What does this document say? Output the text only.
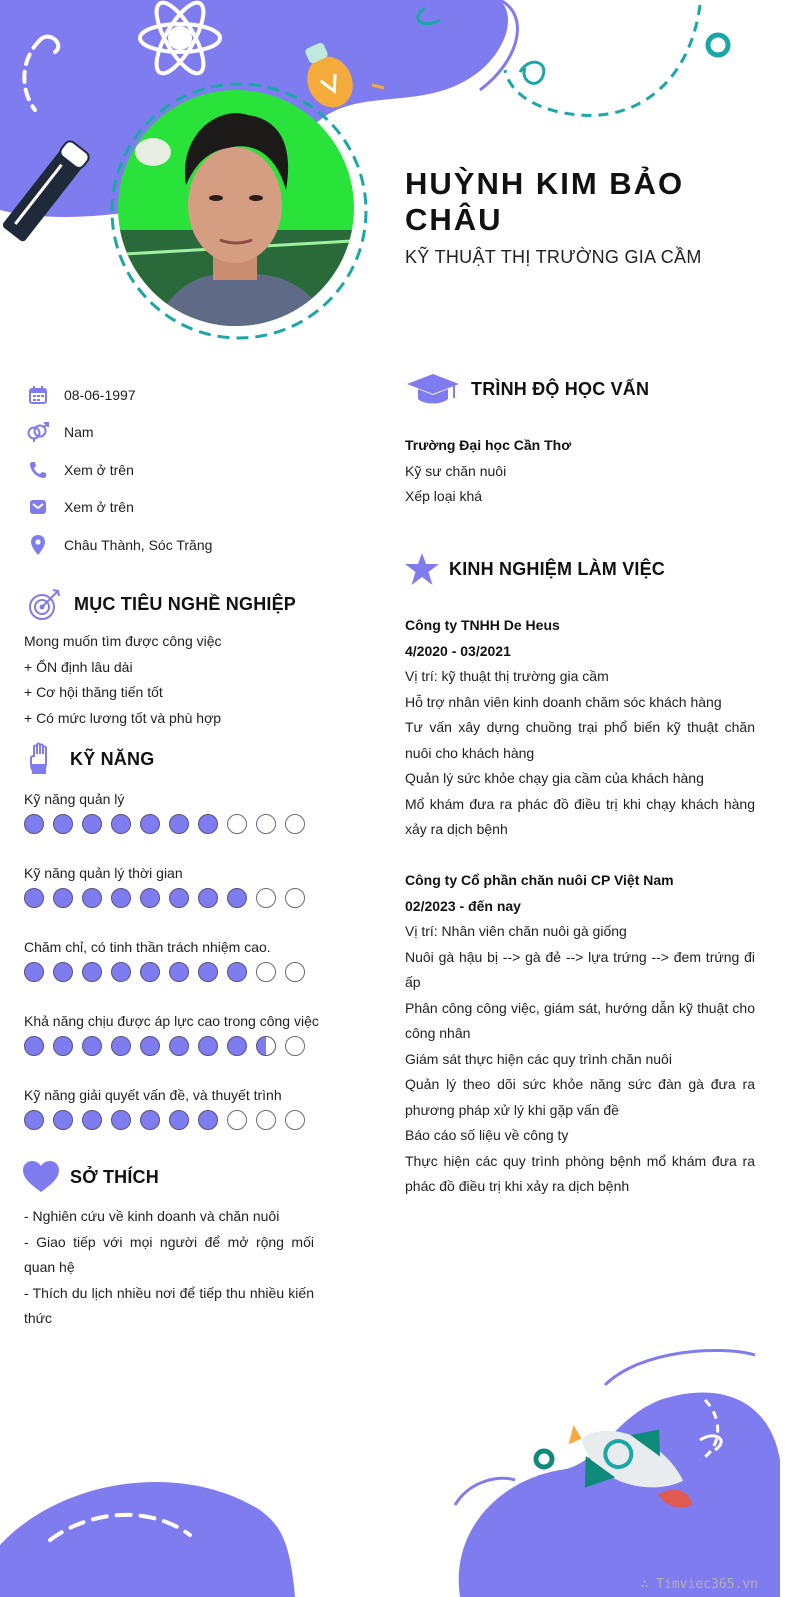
HUỲNH KIM BẢO CHÂU
KỸ THUẬT THỊ TRƯỜNG GIA CẦM
08-06-1997
Nam
Xem ở trên
Xem ở trên
Châu Thành, Sóc Trăng
MỤC TIÊU NGHỀ NGHIỆP
Mong muốn tìm được công việc
+ ỔN định lâu dài
+ Cơ hội thăng tiến tốt
+ Có mức lương tốt và phù hợp
KỸ NĂNG
Kỹ năng quản lý
Kỹ năng quản lý thời gian
Chăm chỉ, có tinh thần trách nhiệm cao.
Khả năng chịu được áp lực cao trong công việc
Kỹ năng giải quyết vấn đề, và thuyết trình
SỞ THÍCH
- Nghiên cứu về kinh doanh và chăn nuôi
- Giao tiếp với mọi người để mở rộng mối quan hệ
- Thích du lịch nhiều nơi để tiếp thu nhiều kiến thức
TRÌNH ĐỘ HỌC VẤN
Trường Đại học Cần Thơ
Kỹ sư chăn nuôi
Xếp loại khá
KINH NGHIỆM LÀM VIỆC
Công ty TNHH De Heus
4/2020 - 03/2021
Vị trí: kỹ thuật thị trường gia cầm
Hỗ trợ nhân viên kinh doanh chăm sóc khách hàng
Tư vấn xây dựng chuồng trại phổ biến kỹ thuật chăn nuôi cho khách hàng
Quản lý sức khỏe chạy gia cầm của khách hàng
Mổ khám đưa ra phác đồ điều trị khi chạy khách hàng xảy ra dịch bệnh
Công ty Cổ phần chăn nuôi CP Việt Nam
02/2023 - đến nay
Vị trí: Nhân viên chăn nuôi gà giống
Nuôi gà hậu bị --> gà đẻ --> lựa trứng --> đem trứng đi ấp
Phân công công việc, giám sát, hướng dẫn kỹ thuật cho công nhân
Giám sát thực hiện các quy trình chăn nuôi
Quản lý theo dõi sức khỏe năng sức đàn gà đưa ra phương pháp xử lý khi gặp vấn đề
Báo cáo số liệu về công ty
Thực hiện các quy trình phòng bệnh mổ khám đưa ra phác đồ điều trị khi xảy ra dịch bệnh
∴ Timviec365.vn
